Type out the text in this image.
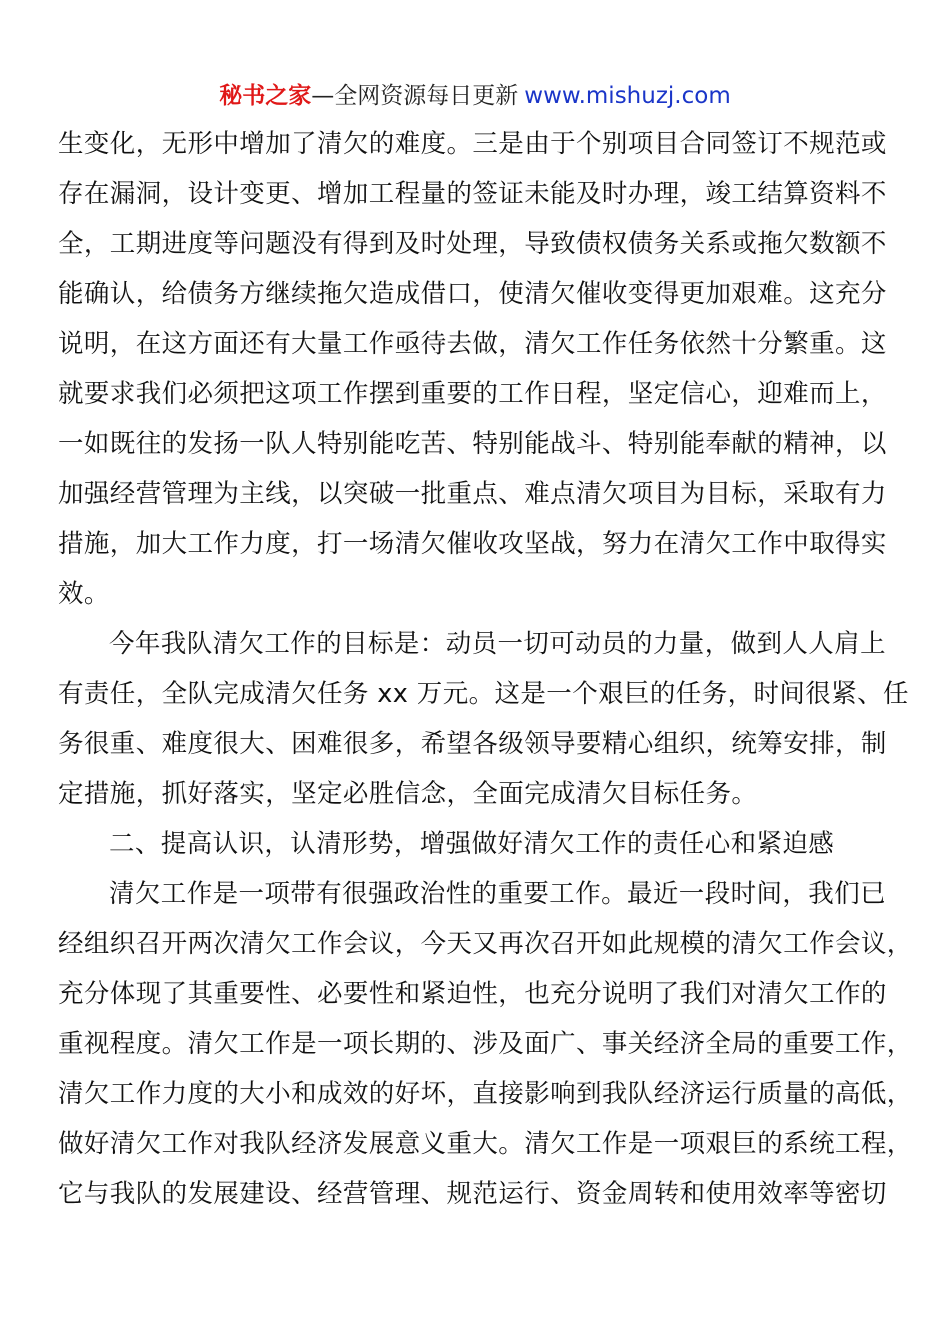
秘书之家—全网资源每日更新 www.mishuzj.com
生变化，无形中增加了清欠的难度。三是由于个别项目合同签订不规范或
存在漏洞，设计变更、增加工程量的签证未能及时办理，竣工结算资料不
全，工期进度等问题没有得到及时处理，导致债权债务关系或拖欠数额不
能确认，给债务方继续拖欠造成借口，使清欠催收变得更加艰难。这充分
说明，在这方面还有大量工作亟待去做，清欠工作任务依然十分繁重。这
就要求我们必须把这项工作摆到重要的工作日程，坚定信心，迎难而上，
一如既往的发扬一队人特别能吃苦、特别能战斗、特别能奉献的精神，以
加强经营管理为主线，以突破一批重点、难点清欠项目为目标，采取有力
措施，加大工作力度，打一场清欠催收攻坚战，努力在清欠工作中取得实
效。
今年我队清欠工作的目标是：动员一切可动员的力量，做到人人肩上
有责任，全队完成清欠任务 xx 万元。这是一个艰巨的任务，时间很紧、任
务很重、难度很大、困难很多，希望各级领导要精心组织，统筹安排，制
定措施，抓好落实，坚定必胜信念，全面完成清欠目标任务。
二、提高认识，认清形势，增强做好清欠工作的责任心和紧迫感
清欠工作是一项带有很强政治性的重要工作。最近一段时间，我们已
经组织召开两次清欠工作会议，今天又再次召开如此规模的清欠工作会议，
充分体现了其重要性、必要性和紧迫性，也充分说明了我们对清欠工作的
重视程度。清欠工作是一项长期的、涉及面广、事关经济全局的重要工作，
清欠工作力度的大小和成效的好坏，直接影响到我队经济运行质量的高低，
做好清欠工作对我队经济发展意义重大。清欠工作是一项艰巨的系统工程，
它与我队的发展建设、经营管理、规范运行、资金周转和使用效率等密切
